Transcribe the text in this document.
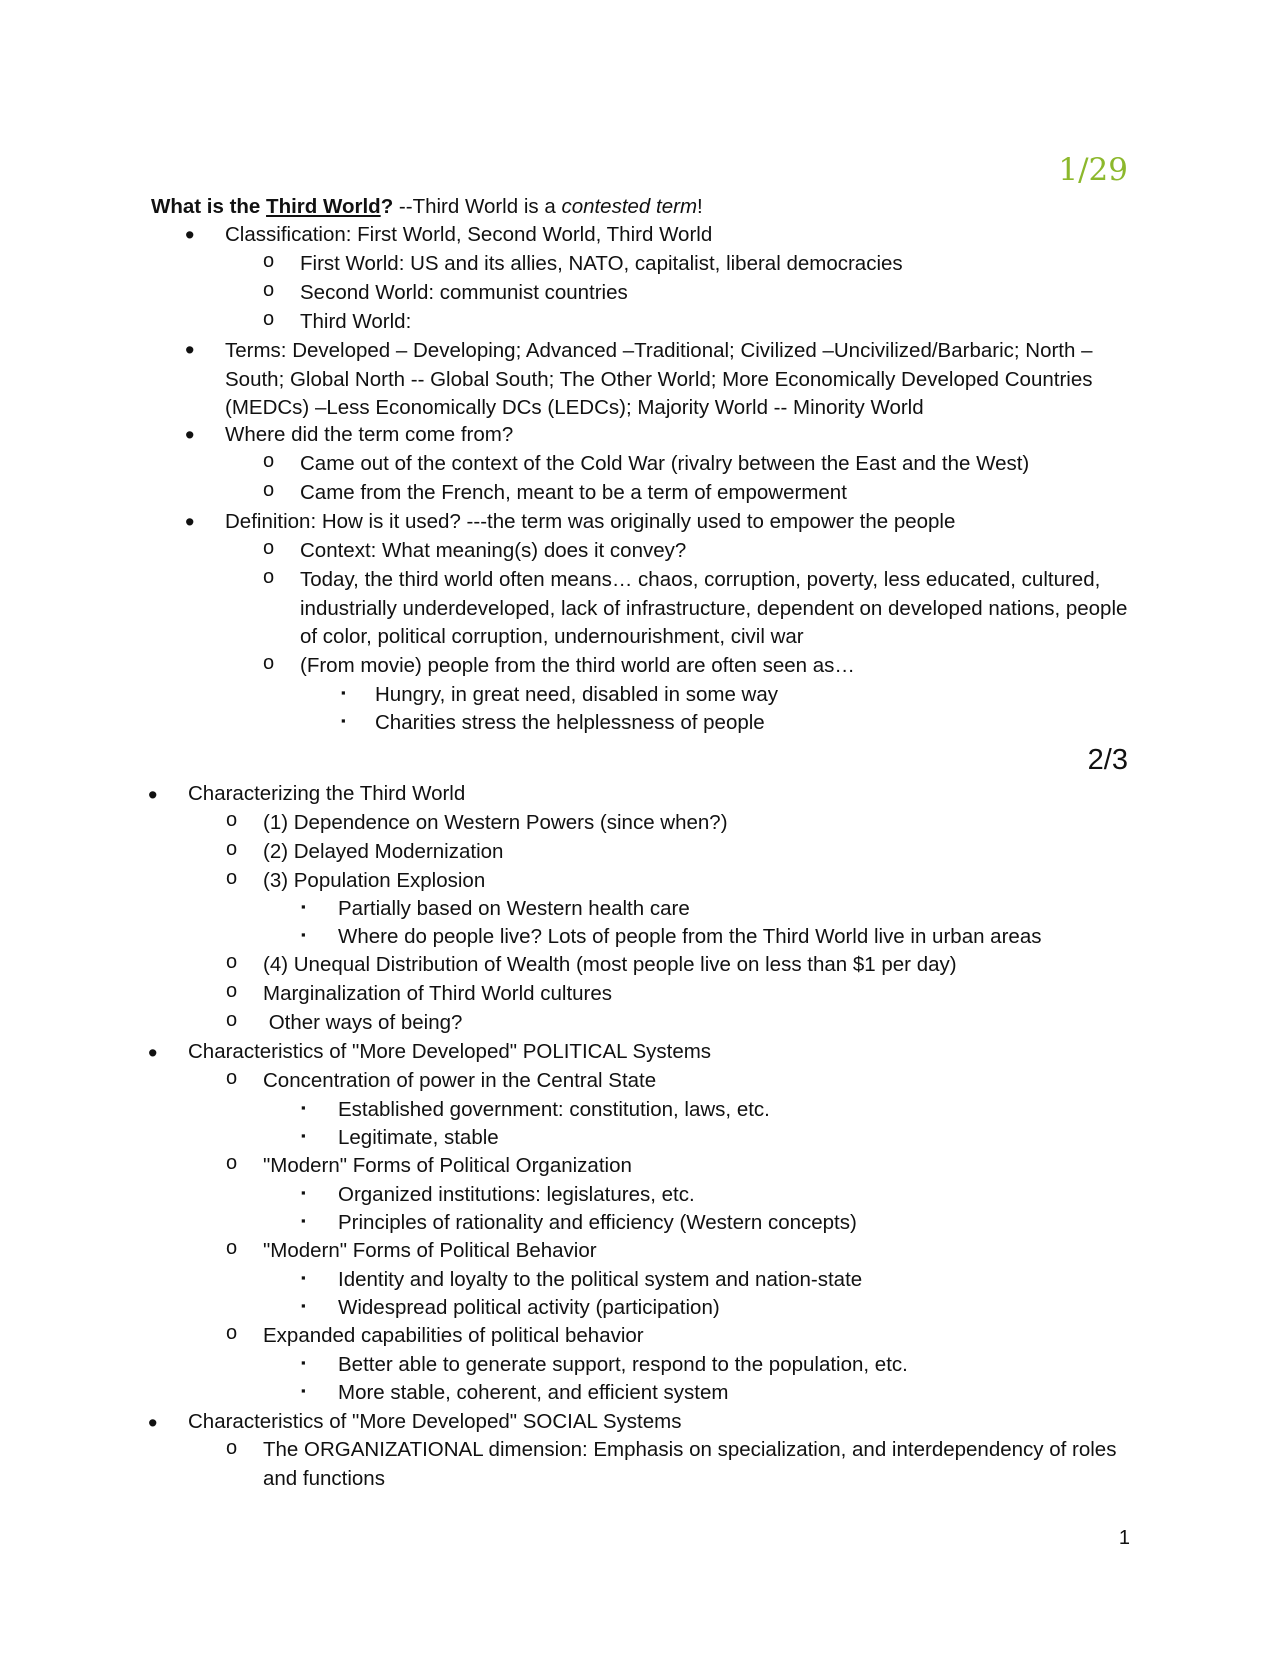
1/29
What is the Third World? --Third World is a contested term!
• Classification: First World, Second World, Third World
o First World: US and its allies, NATO, capitalist, liberal democracies
o Second World: communist countries
o Third World:
• Terms: Developed – Developing; Advanced –Traditional; Civilized –Uncivilized/Barbaric; North – South; Global North -- Global South; The Other World; More Economically Developed Countries (MEDCs) –Less Economically DCs (LEDCs); Majority World -- Minority World
• Where did the term come from?
o Came out of the context of the Cold War (rivalry between the East and the West)
o Came from the French, meant to be a term of empowerment
• Definition: How is it used? ---the term was originally used to empower the people
o Context: What meaning(s) does it convey?
o Today, the third world often means… chaos, corruption, poverty, less educated, cultured, industrially underdeveloped, lack of infrastructure, dependent on developed nations, people of color, political corruption, undernourishment, civil war
o (From movie) people from the third world are often seen as…
▪ Hungry, in great need, disabled in some way
▪ Charities stress the helplessness of people
2/3
• Characterizing the Third World
o (1) Dependence on Western Powers (since when?)
o (2) Delayed Modernization
o (3) Population Explosion
▪ Partially based on Western health care
▪ Where do people live? Lots of people from the Third World live in urban areas
o (4) Unequal Distribution of Wealth (most people live on less than $1 per day)
o Marginalization of Third World cultures
o Other ways of being?
• Characteristics of "More Developed" POLITICAL Systems
o Concentration of power in the Central State
▪ Established government: constitution, laws, etc.
▪ Legitimate, stable
o "Modern" Forms of Political Organization
▪ Organized institutions: legislatures, etc.
▪ Principles of rationality and efficiency (Western concepts)
o "Modern" Forms of Political Behavior
▪ Identity and loyalty to the political system and nation-state
▪ Widespread political activity (participation)
o Expanded capabilities of political behavior
▪ Better able to generate support, respond to the population, etc.
▪ More stable, coherent, and efficient system
• Characteristics of "More Developed" SOCIAL Systems
o The ORGANIZATIONAL dimension: Emphasis on specialization, and interdependency of roles and functions
1
